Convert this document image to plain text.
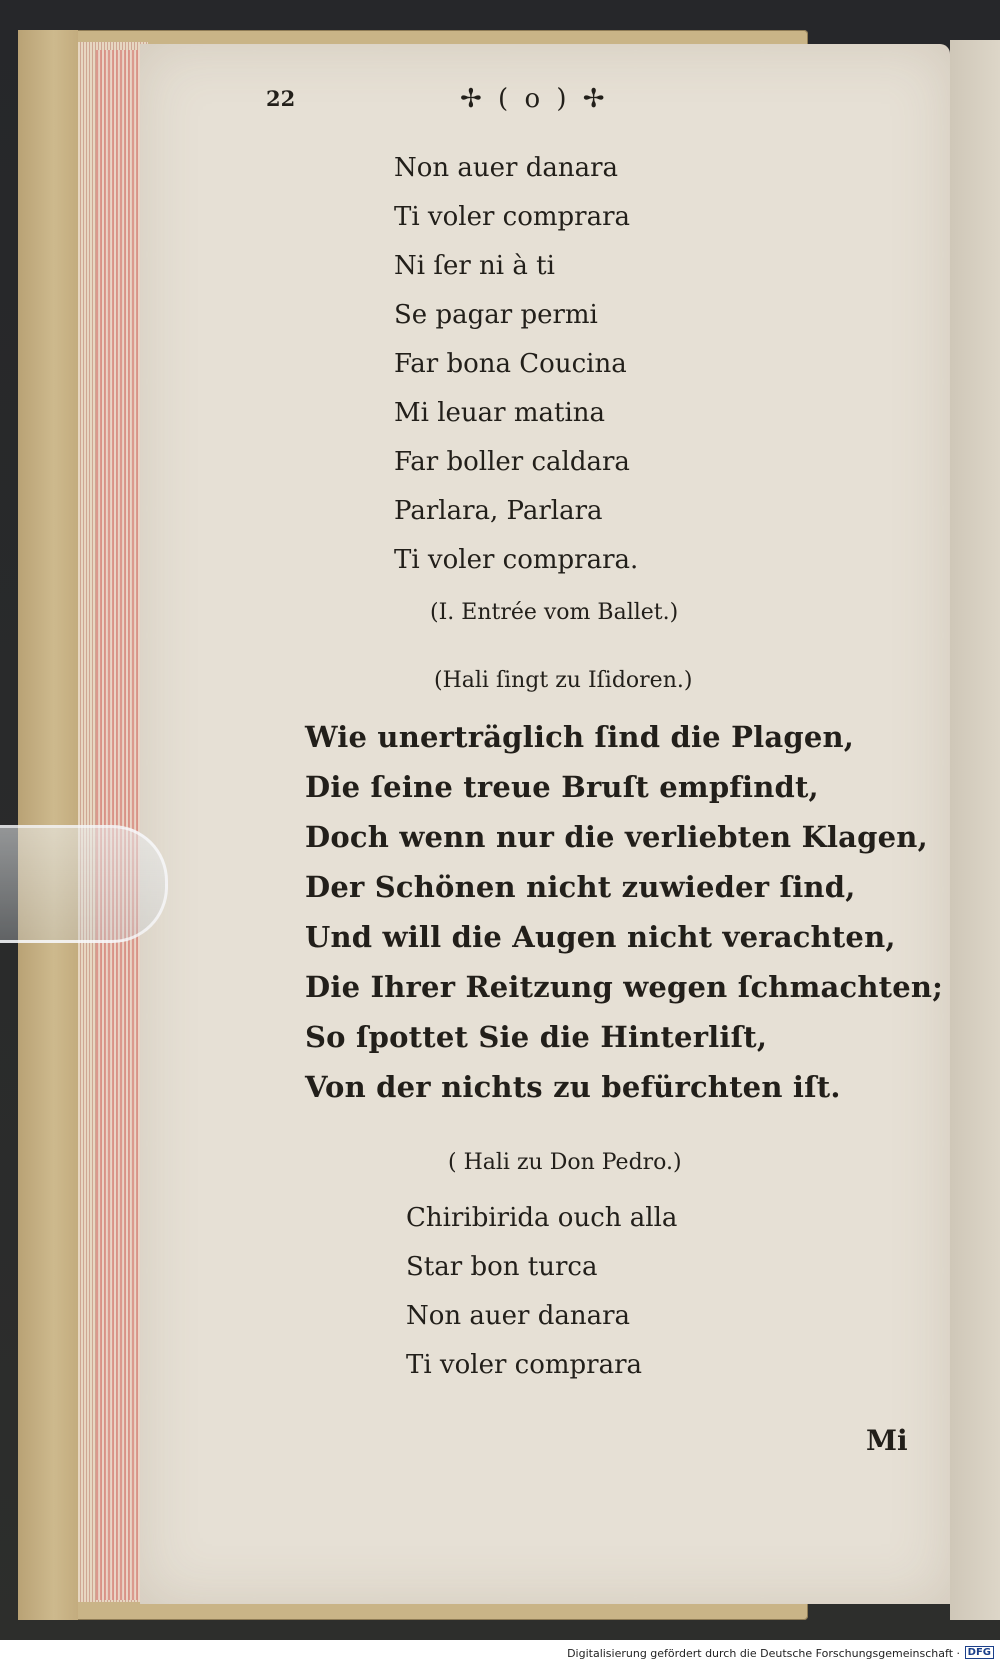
22	✢ ( o ) ✢
Non auer danara
Ti voler comprara
Ni ſer ni à ti
Se pagar permi
Far bona Coucina
Mi leuar matina
Far boller caldara
Parlara, Parlara
Ti voler comprara.
(I. Entrée vom Ballet.)
(Hali ſingt zu Iſidoren.)
Wie unerträglich ſind die Plagen,
Die ſeine treue Bruſt empfindt,
Doch wenn nur die verliebten Klagen,
Der Schönen nicht zuwieder ſind,
Und will die Augen nicht verachten,
Die Ihrer Reitzung wegen ſchmachten;
So ſpottet Sie die Hinterliſt,
Von der nichts zu befürchten iſt.
( Hali zu Don Pedro.)
Chiribirida ouch alla
Star bon turca
Non auer danara
Ti voler comprara
Mi
Digitalisierung gefördert durch die Deutsche Forschungsgemeinschaft · DFG
